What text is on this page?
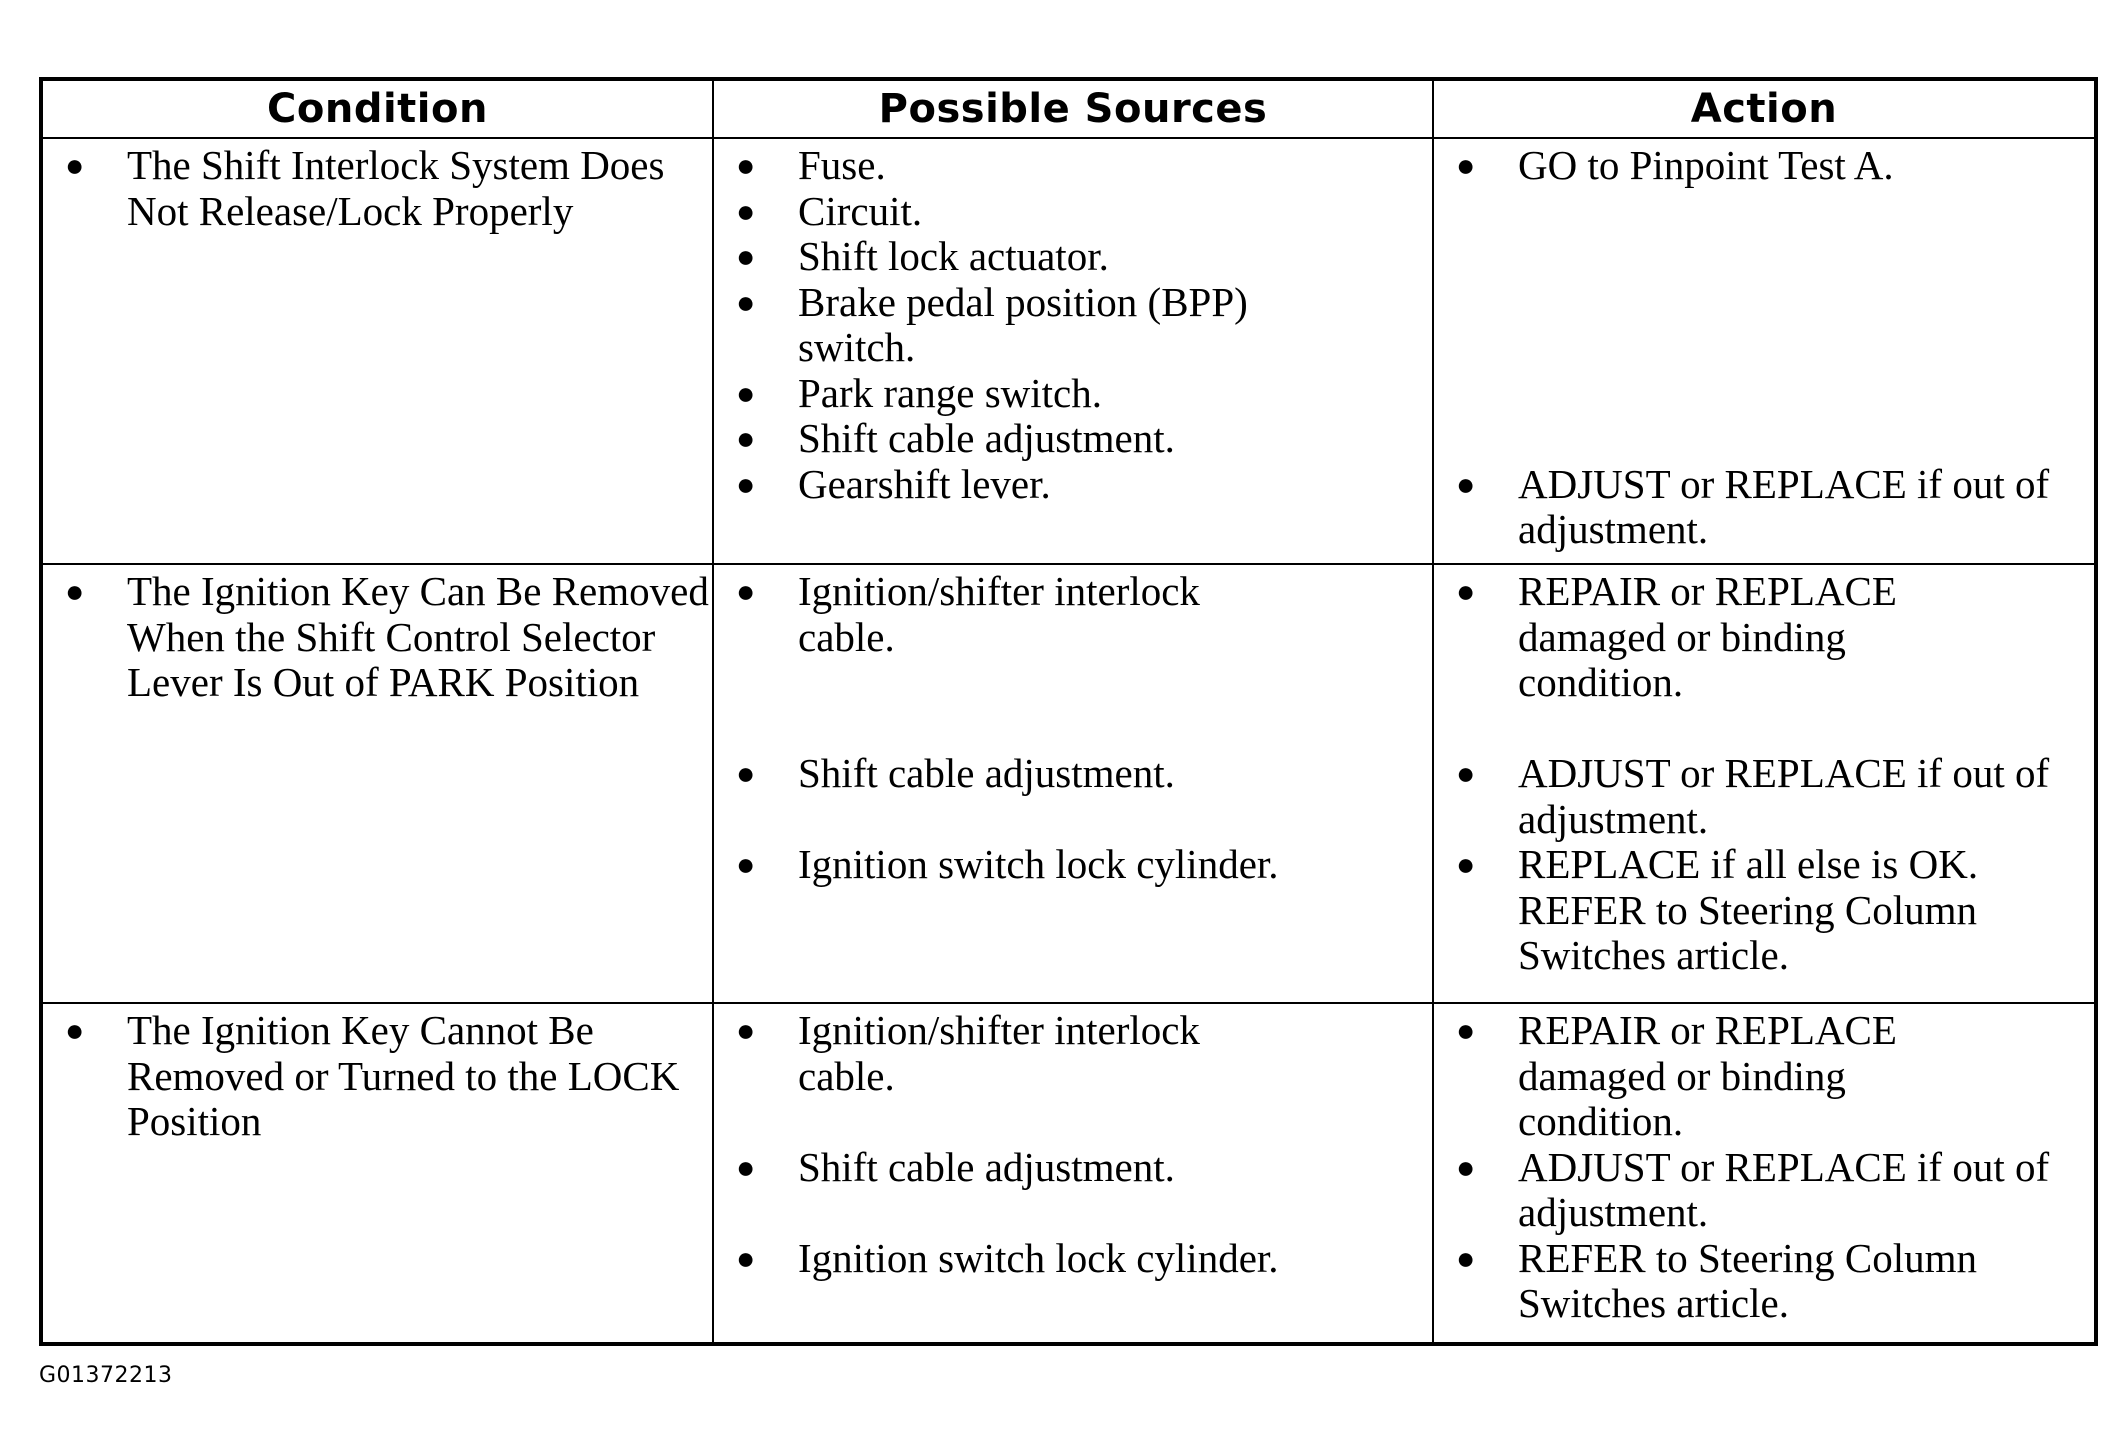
Condition	Possible Sources	Action
● The Shift Interlock System Does Not Release/Lock Properly
● Fuse.
● Circuit.
● Shift lock actuator.
● Brake pedal position (BPP) switch.
● Park range switch.
● Shift cable adjustment.
● Gearshift lever.
● GO to Pinpoint Test A.
● ADJUST or REPLACE if out of adjustment.
● The Ignition Key Can Be Removed When the Shift Control Selector Lever Is Out of PARK Position
● Ignition/shifter interlock cable.
● Shift cable adjustment.
● Ignition switch lock cylinder.
● REPAIR or REPLACE damaged or binding condition.
● ADJUST or REPLACE if out of adjustment.
● REPLACE if all else is OK. REFER to Steering Column Switches article.
● The Ignition Key Cannot Be Removed or Turned to the LOCK Position
● Ignition/shifter interlock cable.
● Shift cable adjustment.
● Ignition switch lock cylinder.
● REPAIR or REPLACE damaged or binding condition.
● ADJUST or REPLACE if out of adjustment.
● REFER to Steering Column Switches article.
G01372213
